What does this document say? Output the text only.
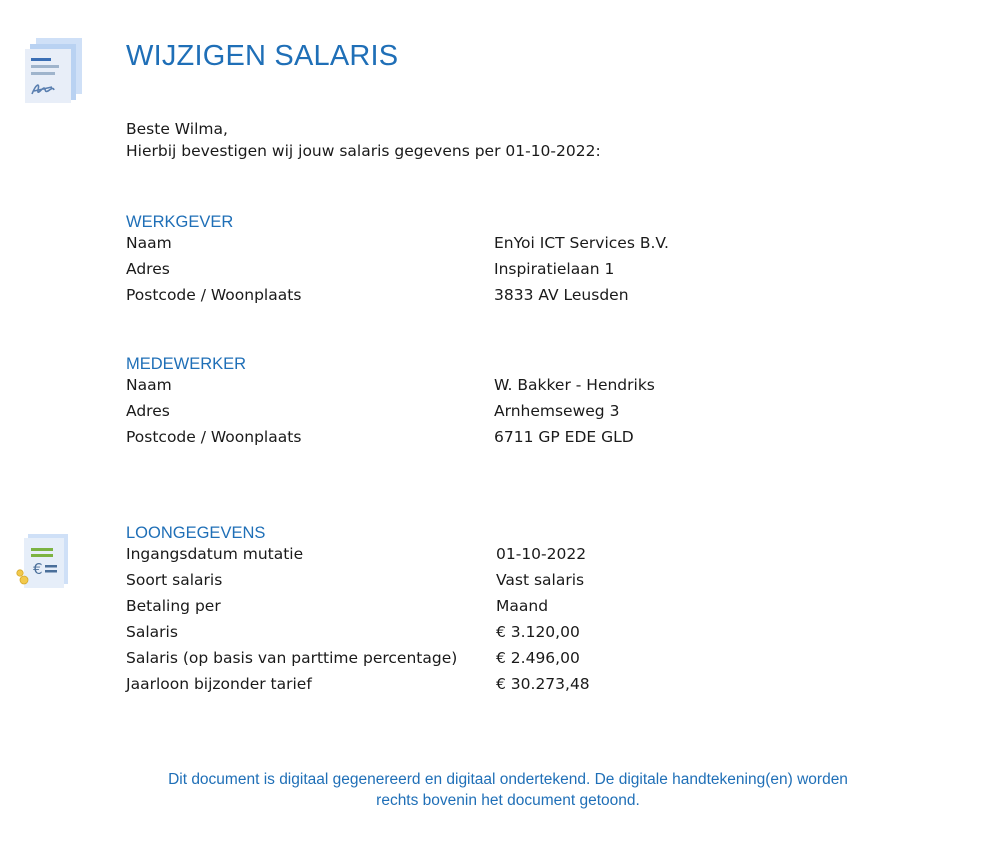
WIJZIGEN SALARIS
Beste Wilma,
Hierbij bevestigen wij jouw salaris gegevens per 01-10-2022:
WERKGEVER
Naam	EnYoi ICT Services B.V.
Adres	Inspiratielaan 1
Postcode / Woonplaats	3833 AV Leusden
MEDEWERKER
Naam	W. Bakker - Hendriks
Adres	Arnhemseweg 3
Postcode / Woonplaats	6711 GP EDE GLD
€
LOONGEGEVENS
Ingangsdatum mutatie	01-10-2022
Soort salaris	Vast salaris
Betaling per	Maand
Salaris	€ 3.120,00
Salaris (op basis van parttime percentage) € 2.496,00
Jaarloon bijzonder tarief	€ 30.273,48
Dit document is digitaal gegenereerd en digitaal ondertekend. De digitale handtekening(en) worden
rechts bovenin het document getoond.
